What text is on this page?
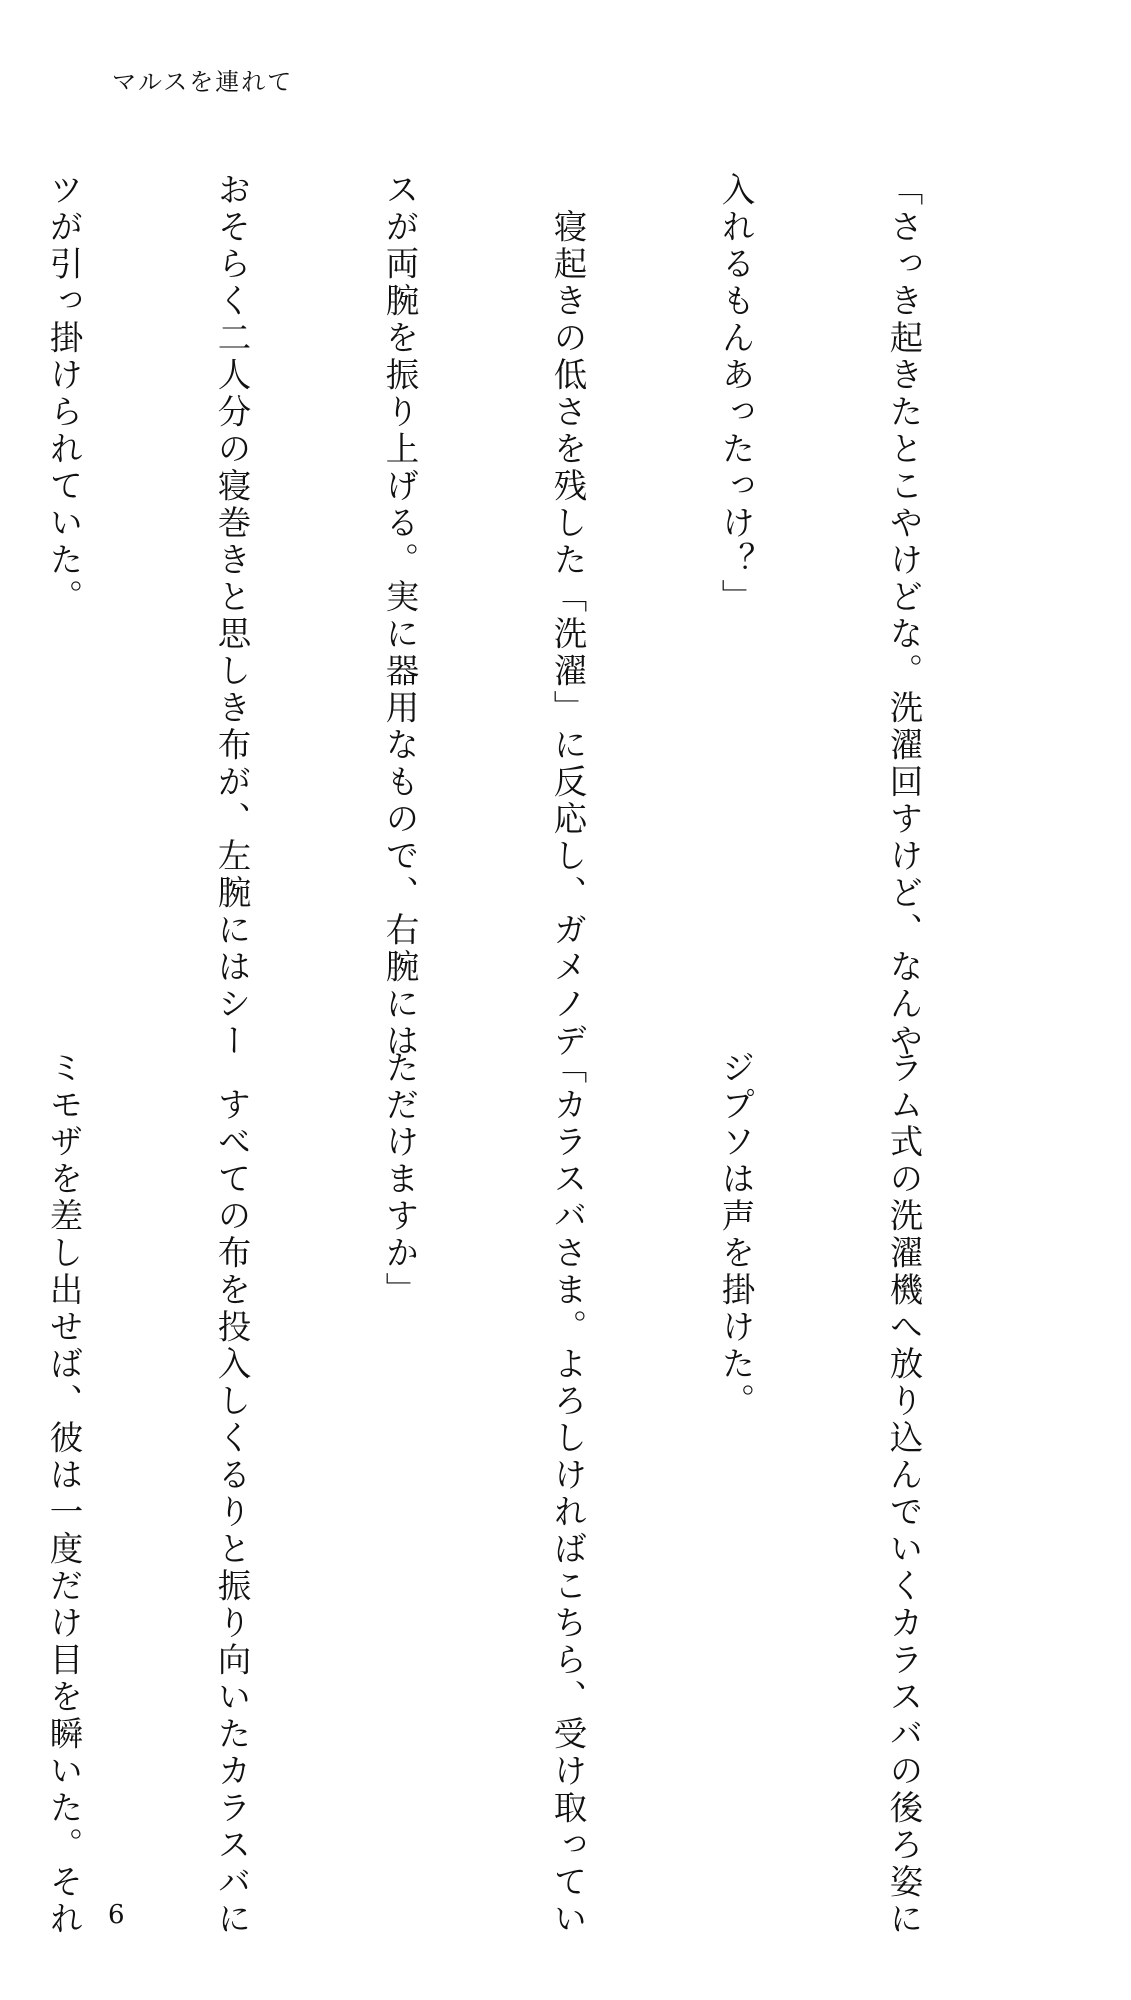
マルスを連れて

「さっき起きたとこやけどな。洗濯回すけど、なんや

入れるもんあったっけ？」

　寝起きの低さを残した「洗濯」に反応し、ガメノデ

スが両腕を振り上げる。実に器用なもので、右腕には

おそらく二人分の寝巻きと思しき布が、左腕にはシー

ツが引っ掛けられていた。

ラム式の洗濯機へ放り込んでいくカラスバの後ろ姿に

ジプソは声を掛けた。

「カラスバさま。よろしければこちら、受け取ってい

ただけますか」

　すべての布を投入しくるりと振り向いたカラスバに

ミモザを差し出せば、彼は一度だけ目を瞬いた。それ

6
